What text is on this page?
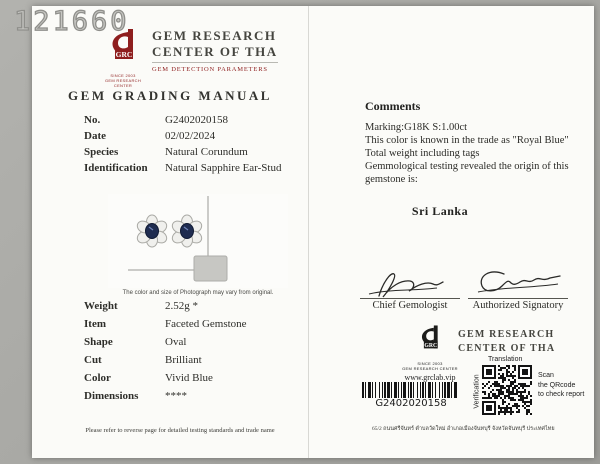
GRC
SINCE 2003
GEM RESEARCH CENTER
GEM RESEARCH
CENTER OF THA
GEM DETECTION PARAMETERS
GEM GRADING MANUAL
No.	G2402020158
Date	02/02/2024
Species	Natural Corundum
Identification	Natural Sapphire Ear-Stud
The color and size of Photograph may vary from original.
Weight	2.52g *
Item	Faceted Gemstone
Shape	Oval
Cut	Brilliant
Color	Vivid Blue
Dimensions	****
Please refer to reverse page for detailed testing standards and trade name
Comments
Marking:G18K S:1.00ct
This color is known in the trade as "Royal Blue"
Total weight including tags
Gemmological testing revealed the origin of this gemstone is:
Sri Lanka
Chief Gemologist	Authorized Signatory
GRC
SINCE 2003
GEM RESEARCH CENTER
www.grclab.vip
GEM RESEARCH
CENTER OF THA
G2402020158
Translation
Verification	Scan
the QRcode
to check report
65/2 ถนนศรีจันทร์ ตำบลวัดใหม่ อำเภอเมืองจันทบุรี จังหวัดจันทบุรี ประเทศไทย
121660
